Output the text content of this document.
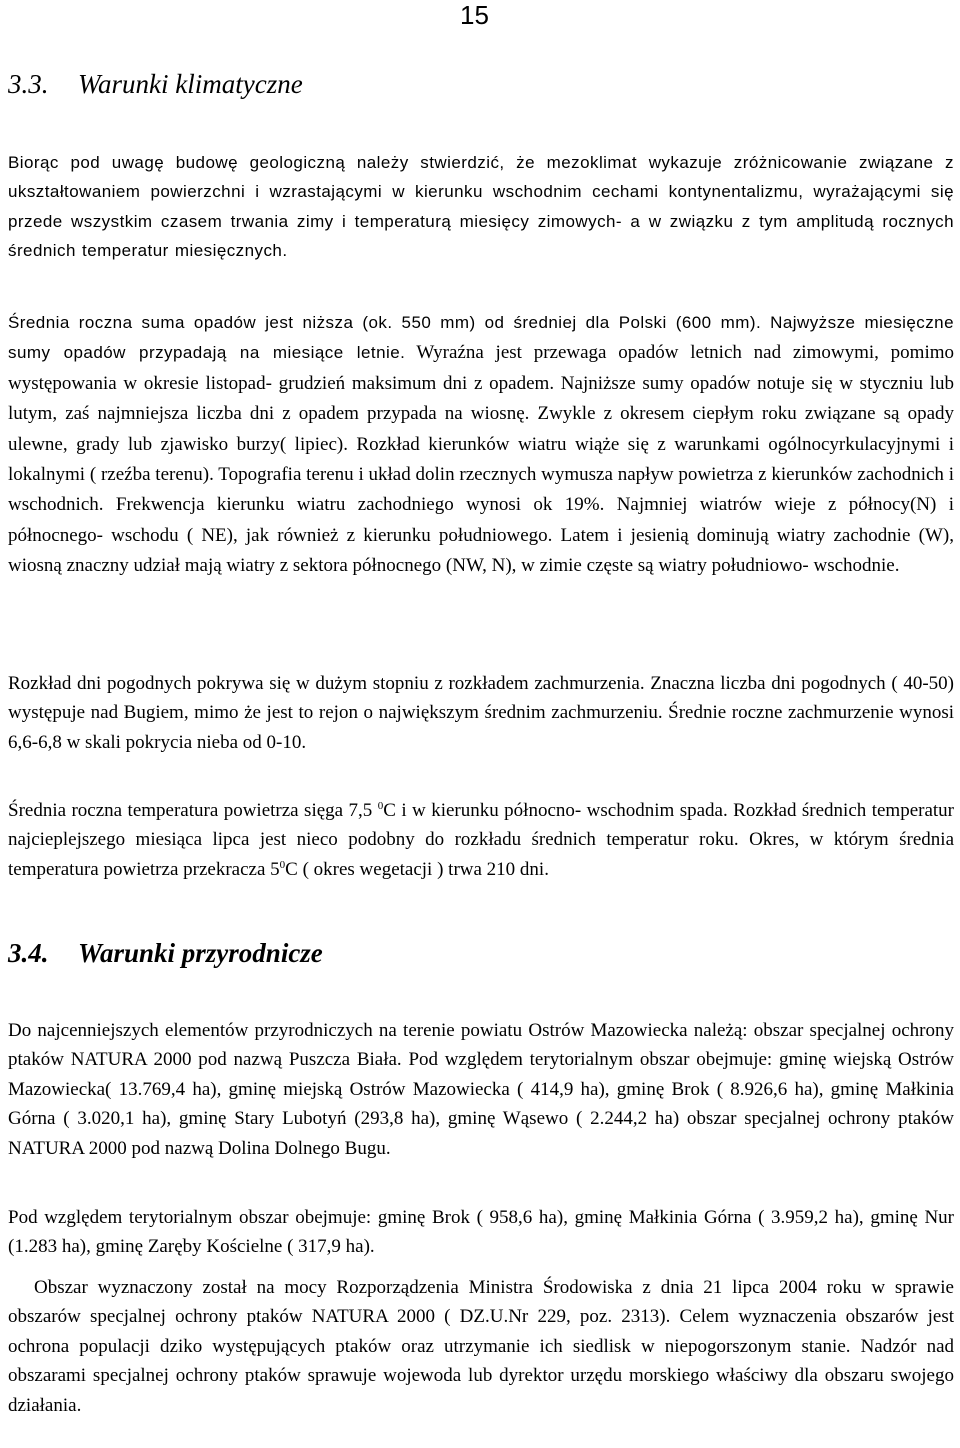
15
3.3. Warunki klimatyczne

Biorąc pod uwagę budowę geologiczną należy stwierdzić, że mezoklimat wykazuje zróżnicowanie związane z ukształtowaniem powierzchni i wzrastającymi w kierunku wschodnim cechami kontynentalizmu, wyrażającymi się przede wszystkim czasem trwania zimy i temperaturą miesięcy zimowych- a w związku z tym amplitudą rocznych średnich temperatur miesięcznych.

Średnia roczna suma opadów jest niższa (ok. 550 mm) od średniej dla Polski (600 mm). Najwyższe miesięczne sumy opadów przypadają na miesiące letnie. Wyraźna jest przewaga opadów letnich nad zimowymi, pomimo występowania w okresie listopad- grudzień maksimum dni z opadem. Najniższe sumy opadów notuje się w styczniu lub lutym, zaś najmniejsza liczba dni z opadem przypada na wiosnę. Zwykle z okresem ciepłym roku związane są opady ulewne, grady lub zjawisko burzy( lipiec). Rozkład kierunków wiatru wiąże się z warunkami ogólnocyrkulacyjnymi i lokalnymi ( rzeźba terenu). Topografia terenu i układ dolin rzecznych wymusza napływ powietrza z kierunków zachodnich i wschodnich. Frekwencja kierunku wiatru zachodniego wynosi ok 19%. Najmniej wiatrów wieje z północy(N) i północnego- wschodu ( NE), jak również z kierunku południowego. Latem i jesienią dominują wiatry zachodnie (W), wiosną znaczny udział mają wiatry z sektora północnego (NW, N), w zimie częste są wiatry południowo- wschodnie.

Rozkład dni pogodnych pokrywa się w dużym stopniu z rozkładem zachmurzenia. Znaczna liczba dni pogodnych ( 40-50) występuje nad Bugiem, mimo że jest to rejon o największym średnim zachmurzeniu. Średnie roczne zachmurzenie wynosi 6,6-6,8 w skali pokrycia nieba od 0-10.

Średnia roczna temperatura powietrza sięga 7,5 $^0$C i w kierunku północno- wschodnim spada. Rozkład średnich temperatur najcieplejszego miesiąca lipca jest nieco podobny do rozkładu średnich temperatur roku. Okres, w którym średnia temperatura powietrza przekracza $5^0C$ ( okres wegetacji ) trwa 210 dni.

3.4. Warunki przyrodnicze

Do najcenniejszych elementów przyrodniczych na terenie powiatu Ostrów Mazowiecka należą: obszar specjalnej ochrony ptaków NATURA 2000 pod nazwą Puszcza Biała. Pod względem terytorialnym obszar obejmuje: gminę wiejską Ostrów Mazowiecka( 13.769,4 ha), gminę miejską Ostrów Mazowiecka ( 414,9 ha), gminę Brok ( 8.926,6 ha), gminę Małkinia Górna ( 3.020,1 ha), gminę Stary Lubotyń (293,8 ha), gminę Wąsewo ( 2.244,2 ha) obszar specjalnej ochrony ptaków NATURA 2000 pod nazwą Dolina Dolnego Bugu.

Pod względem terytorialnym obszar obejmuje: gminę Brok ( 958,6 ha), gminę Małkinia Górna ( 3.959,2 ha), gminę Nur (1.283 ha), gminę Zaręby Kościelne ( 317,9 ha).

Obszar wyznaczony został na mocy Rozporządzenia Ministra Środowiska z dnia 21 lipca 2004 roku w sprawie obszarów specjalnej ochrony ptaków NATURA 2000 ( DZ.U.Nr 229, poz. 2313). Celem wyznaczenia obszarów jest ochrona populacji dziko występujących ptaków oraz utrzymanie ich siedlisk w niepogorszonym stanie. Nadzór nad obszarami specjalnej ochrony ptaków sprawuje wojewoda lub dyrektor urzędu morskiego właściwy dla obszaru swojego działania.
